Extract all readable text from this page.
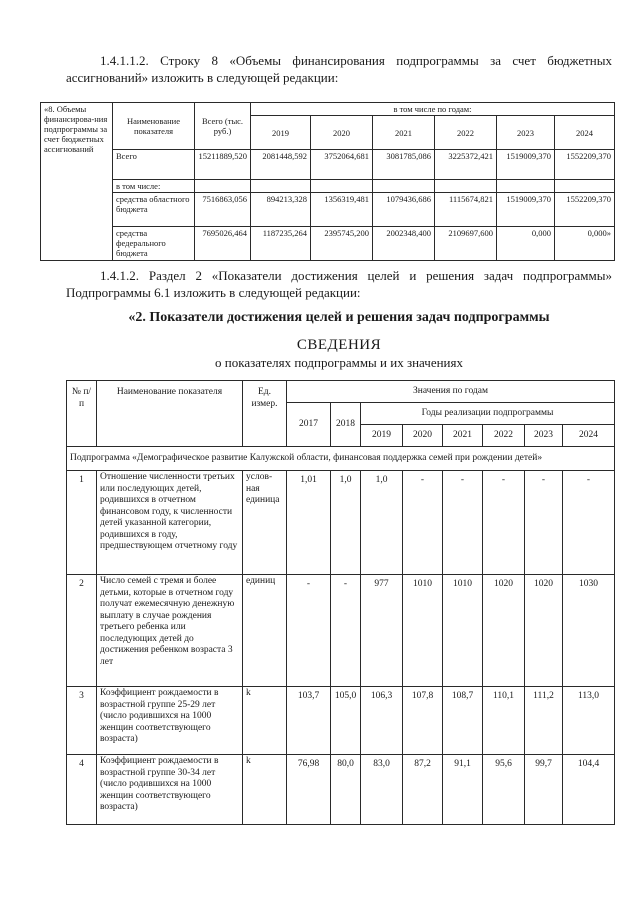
1.4.1.1.2. Строку 8 «Объемы финансирования подпрограммы за счет бюджетных ассигнований» изложить в следующей редакции:
«8. Объемы финансирова-ния подпрограммы за счет бюджетных ассигнований	Наименование показателя	Всего (тыс. руб.)	в том числе по годам:					
			2019	2020	2021	2022	2023	2024
	Всего	15211889,520	2081448,592	3752064,681	3081785,086	3225372,421	1519009,370	1552209,370
	в том числе:							
	средства областного бюджета	7516863,056	894213,328	1356319,481	1079436,686	1115674,821	1519009,370	1552209,370
	средства федерального бюджета	7695026,464	1187235,264	2395745,200	2002348,400	2109697,600	0,000	0,000»
1.4.1.2. Раздел 2 «Показатели достижения целей и решения задач подпрограммы» Подпрограммы 6.1 изложить в следующей редакции:
«2. Показатели достижения целей и решения задач подпрограммы
СВЕДЕНИЯ
о показателях подпрограммы и их значениях
№ п/п	Наименование показателя	Ед. измер.	Значения по годам							
			2017	2018	Годы реализации подпрограммы					
					2019	2020	2021	2022	2023	2024
Подпрограмма «Демографическое развитие Калужской области, финансовая поддержка семей при рождении детей»										
1	Отношение численности третьих или последующих детей, родившихся в отчетном финансовом году, к численности детей указанной категории, родившихся в году, предшествующем отчетному году	услов-ная единица	1,01	1,0	1,0	-	-	-	-	-
2	Число семей с тремя и более детьми, которые в отчетном году получат ежемесячную денежную выплату в случае рождения третьего ребенка или последующих детей до достижения ребенком возраста 3 лет	единиц	-	-	977	1010	1010	1020	1020	1030
3	Коэффициент рождаемости в возрастной группе 25-29 лет (число родившихся на 1000 женщин соответствующего возраста)	k	103,7	105,0	106,3	107,8	108,7	110,1	111,2	113,0
4	Коэффициент рождаемости в возрастной группе 30-34 лет (число родившихся на 1000 женщин соответствующего возраста)	k	76,98	80,0	83,0	87,2	91,1	95,6	99,7	104,4
